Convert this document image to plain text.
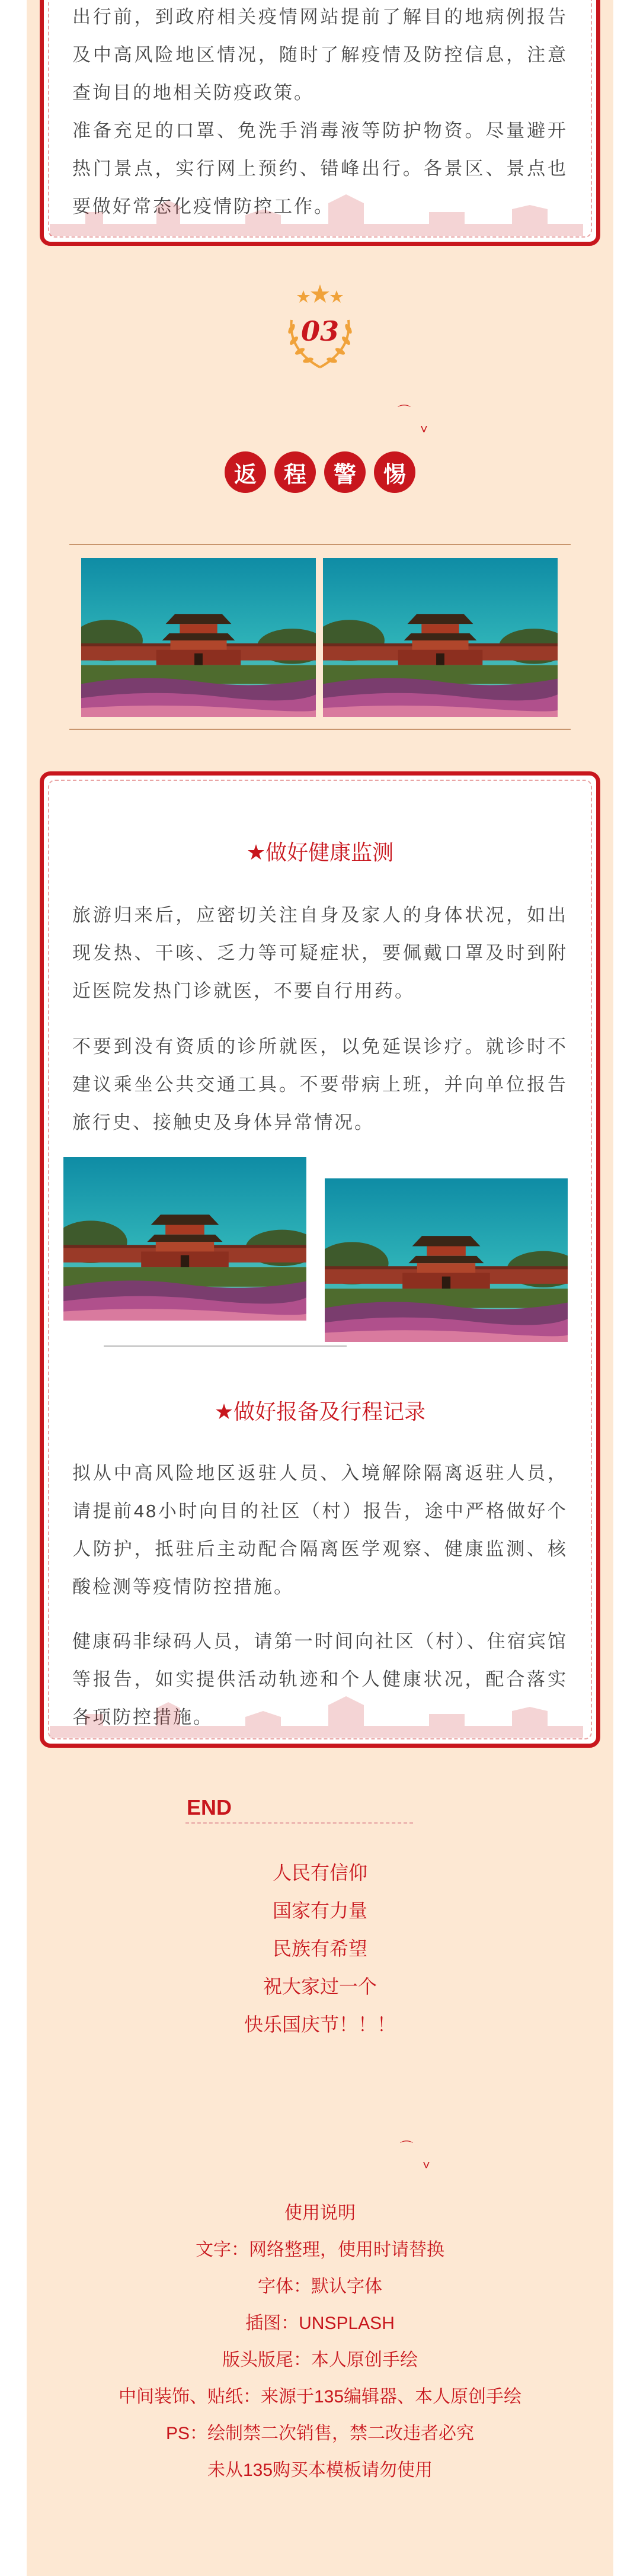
出行前，到政府相关疫情网站提前了解目的地病例报告及中高风险地区情况，随时了解疫情及防控信息，注意查询目的地相关防疫政策。

准备充足的口罩、免洗手消毒液等防护物资。尽量避开热门景点，实行网上预约、错峰出行。各景区、景点也要做好常态化疫情防控工作。

03
⌒
˅
返	程	警	惕
★做好健康监测

旅游归来后，应密切关注自身及家人的身体状况，如出现发热、干咳、乏力等可疑症状，要佩戴口罩及时到附近医院发热门诊就医，不要自行用药。

不要到没有资质的诊所就医，以免延误诊疗。就诊时不建议乘坐公共交通工具。不要带病上班，并向单位报告旅行史、接触史及身体异常情况。

★做好报备及行程记录

拟从中高风险地区返驻人员、入境解除隔离返驻人员，请提前48小时向目的社区（村）报告，途中严格做好个人防护，抵驻后主动配合隔离医学观察、健康监测、核酸检测等疫情防控措施。

健康码非绿码人员，请第一时间向社区（村）、住宿宾馆等报告，如实提供活动轨迹和个人健康状况，配合落实各项防控措施。

END
人民有信仰
国家有力量
民族有希望
祝大家过一个
快乐国庆节！！！
⌒
˅
使用说明
文字：网络整理，使用时请替换
字体：默认字体
插图：UNSPLASH
版头版尾：本人原创手绘
中间装饰、贴纸：来源于135编辑器、本人原创手绘
PS：绘制禁二次销售，禁二改违者必究
未从135购买本模板请勿使用
